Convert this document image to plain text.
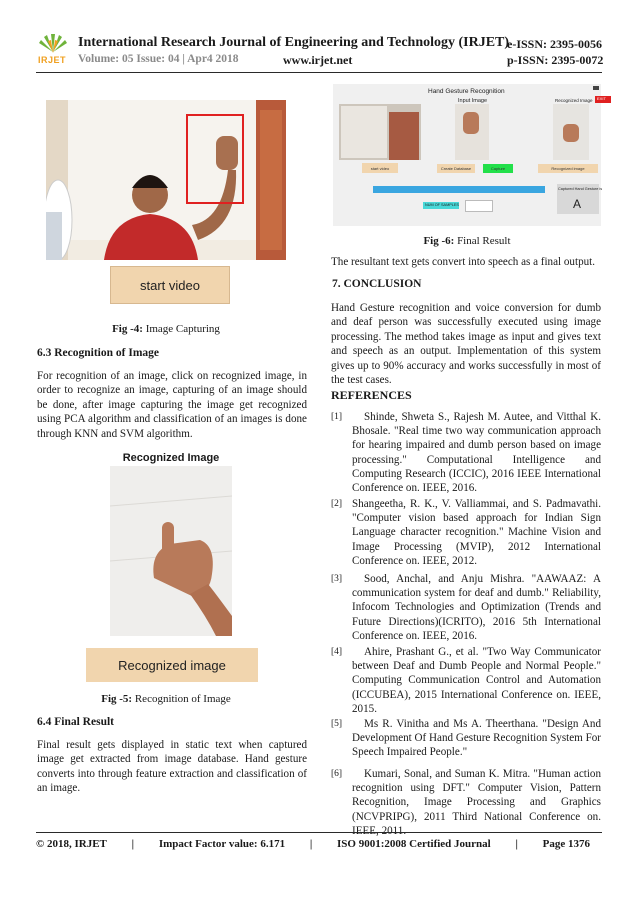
IRJET
International Research Journal of Engineering and Technology (IRJET)
Volume: 05 Issue: 04 | Apr4 2018	www.irjet.net
e-ISSN: 2395-0056
p-ISSN: 2395-0072
start video
Fig -4: Image Capturing
6.3 Recognition of Image
For recognition of an image, click on recognized image, in order to recognize an image, capturing of an image should be done, after image capturing the image get recognized using PCA algorithm and classification of an images is done through KNN and SVM algorithm.
Recognized Image
Recognized image
Fig -5: Recognition of Image
6.4 Final Result
Final result gets displayed in static text when captured image get extracted from image database. Hand gesture converts into through feature extraction and classification of an image.
Hand Gesture Recognition
EXIT
Input Image	Recognized Image
start video	Create Database	Capture	Recognized image
NUM OF SAMPLES
Captured Hand Gesture is
A
Fig -6: Final Result
The resultant text gets convert into speech as a final output.
7. CONCLUSION
Hand Gesture recognition and voice conversion for dumb and deaf person was successfully executed using image processing. The method takes image as input and gives text and speech as an output. Implementation of this system gives up to 90% accuracy and works successfully in most of the test cases.
REFERENCES
[1]	Shinde, Shweta S., Rajesh M. Autee, and Vitthal K. Bhosale. "Real time two way communication approach for hearing impaired and dumb person based on image processing." Computational Intelligence and Computing Research (ICCIC), 2016 IEEE International Conference on. IEEE, 2016.
[2] Shangeetha, R. K., V. Valliammai, and S. Padmavathi. "Computer vision based approach for Indian Sign Language character recognition." Machine Vision and Image Processing (MVIP), 2012 International Conference on. IEEE, 2012.
[3]	Sood, Anchal, and Anju Mishra. "AAWAAZ: A communication system for deaf and dumb." Reliability, Infocom Technologies and Optimization (Trends and Future Directions)(ICRITO), 2016 5th International Conference on. IEEE, 2016.
[4]	Ahire, Prashant G., et al. "Two Way Communicator between Deaf and Dumb People and Normal People." Computing Communication Control and Automation (ICCUBEA), 2015 International Conference on. IEEE, 2015.
[5]	Ms R. Vinitha and Ms A. Theerthana. "Design And Development Of Hand Gesture Recognition System For Speech Impaired People."
[6]	Kumari, Sonal, and Suman K. Mitra. "Human action recognition using DFT." Computer Vision, Pattern Recognition, Image Processing and Graphics (NCVPRIPG), 2011 Third National Conference on. IEEE, 2011.
© 2018, IRJET | Impact Factor value: 6.171 | ISO 9001:2008 Certified Journal | Page 1376
